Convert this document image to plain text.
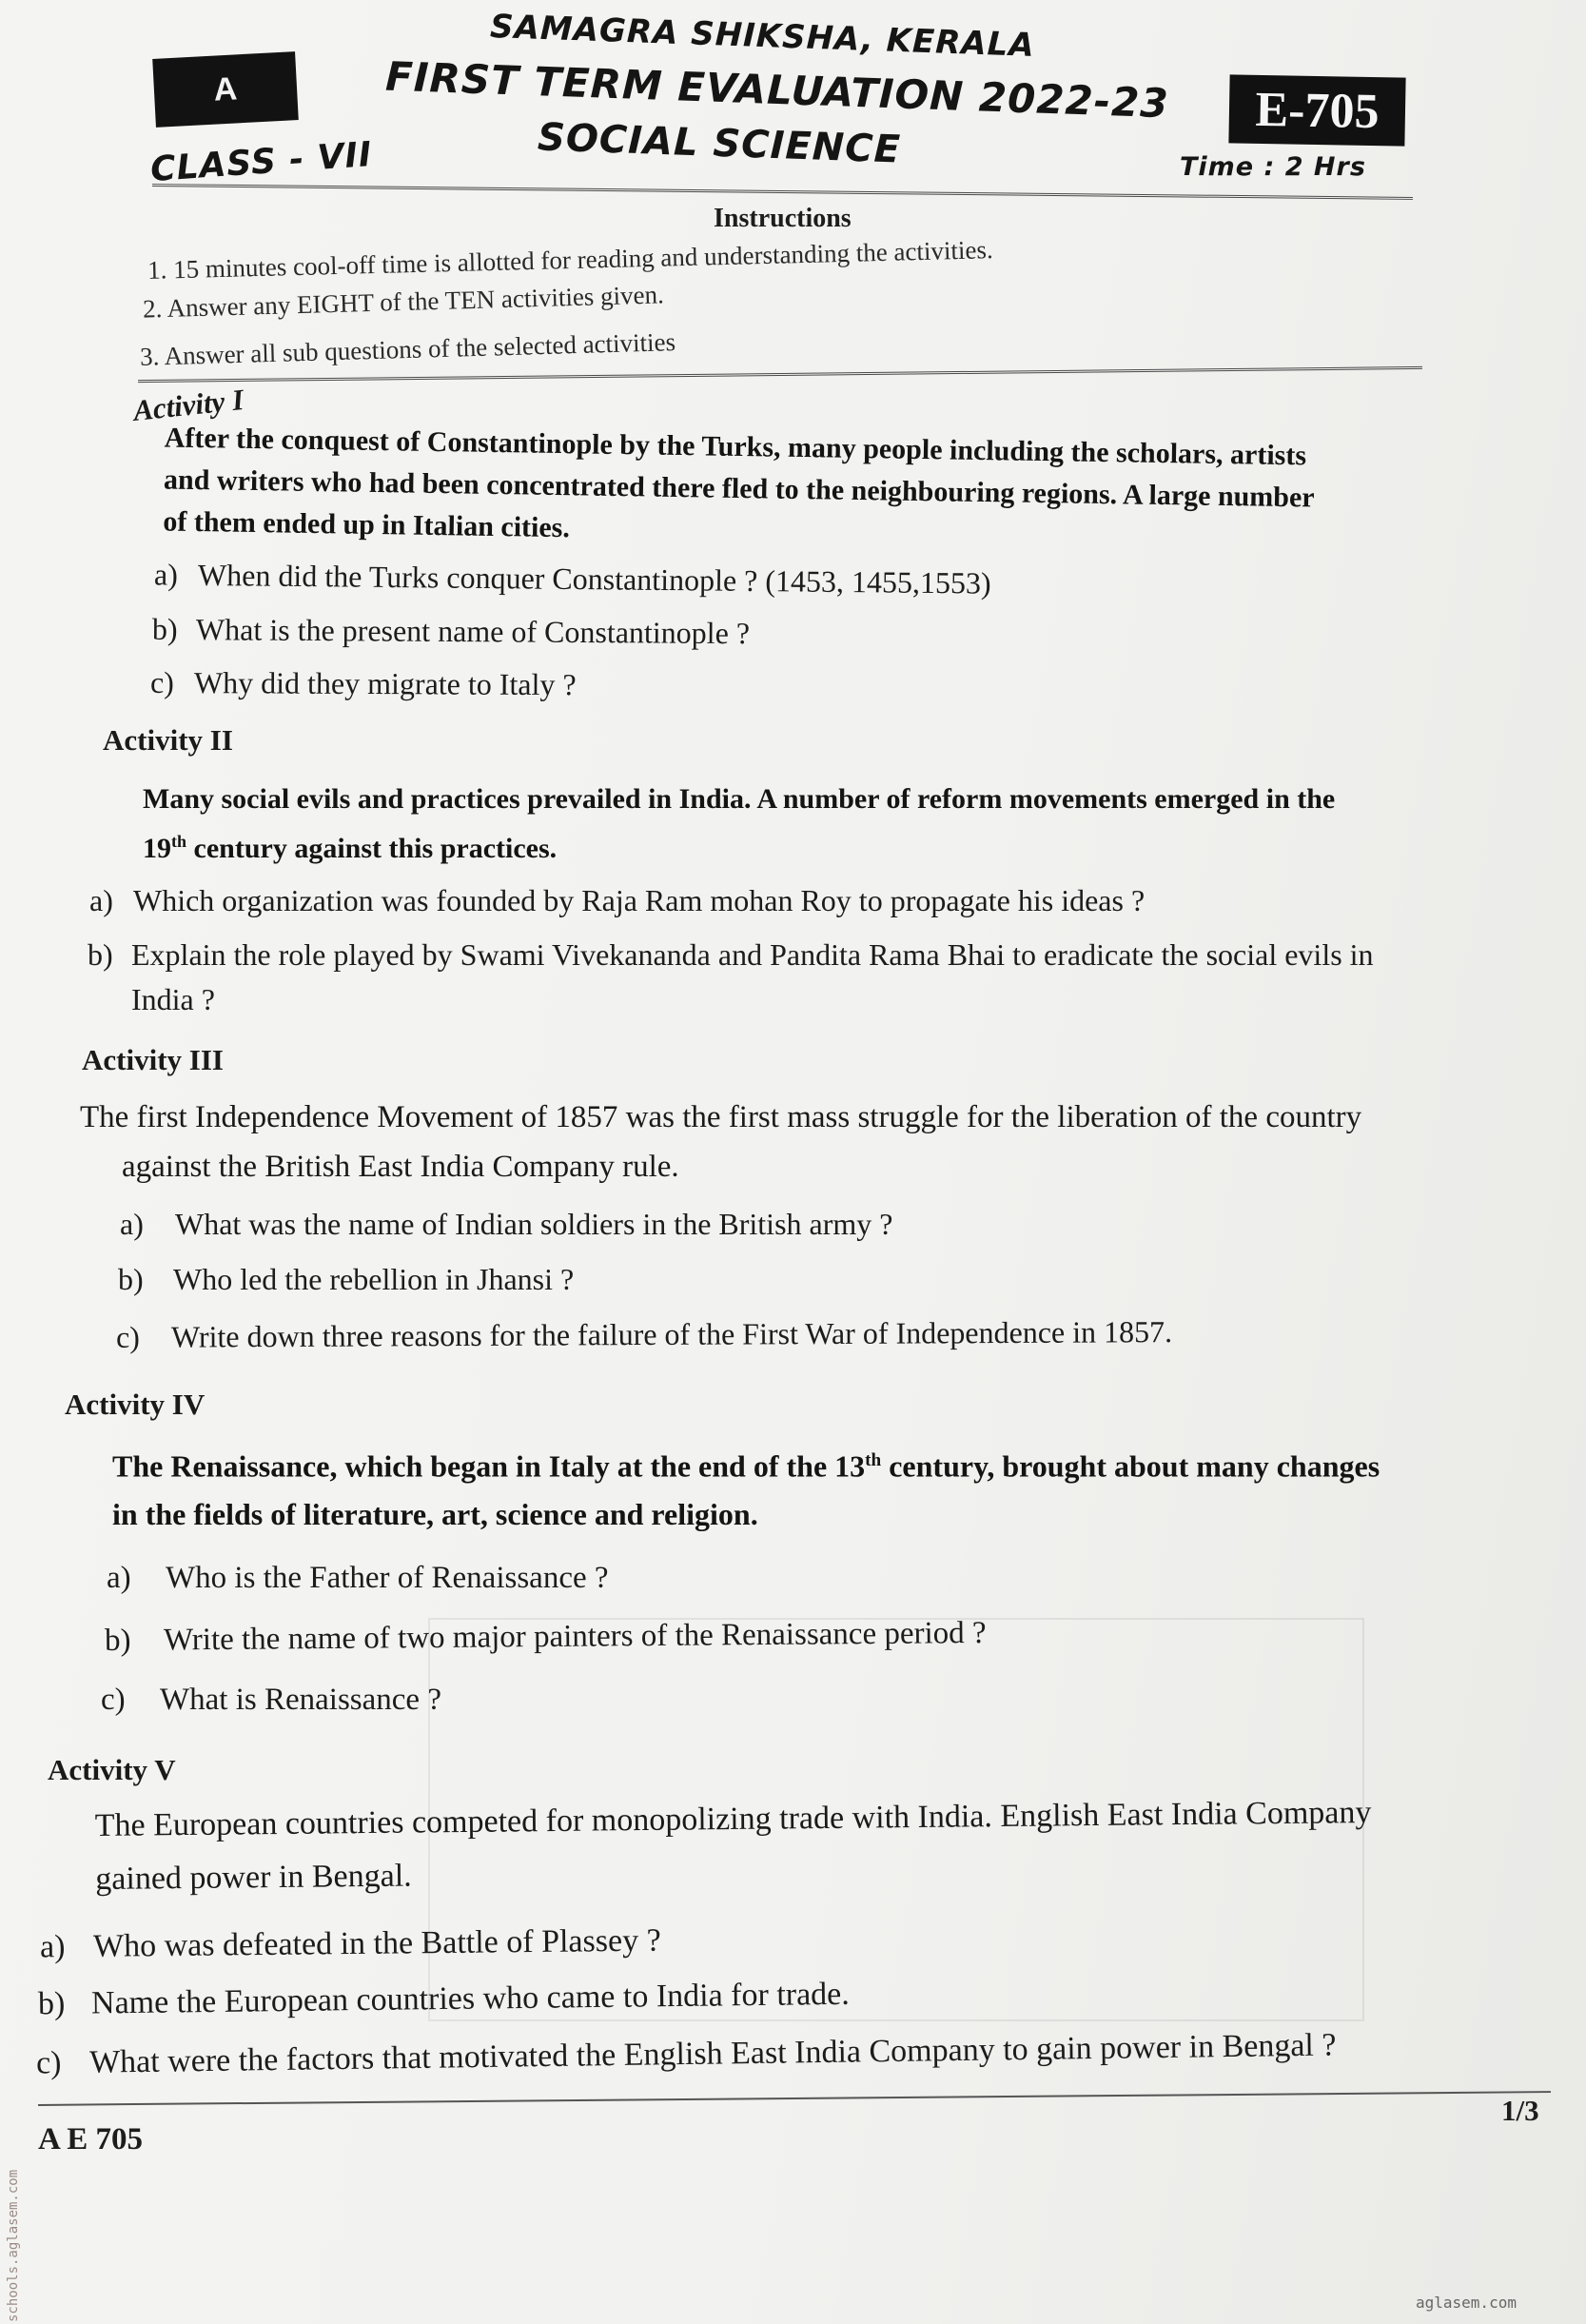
A
SAMAGRA SHIKSHA, KERALA
FIRST TERM EVALUATION 2022-23 E-705
CLASS - VII	SOCIAL SCIENCE	Time : 2 Hrs
Instructions
1. 15 minutes cool-off time is allotted for reading and understanding the activities.
2. Answer any EIGHT of the TEN activities given.
3. Answer all sub questions of the selected activities
Activity I
After the conquest of Constantinople by the Turks, many people including the scholars, artists
and writers who had been concentrated there fled to the neighbouring regions. A large number
of them ended up in Italian cities.
a) When did the Turks conquer Constantinople ? (1453, 1455,1553)
b) What is the present name of Constantinople ?
c) Why did they migrate to Italy ?
Activity II
Many social evils and practices prevailed in India. A number of reform movements emerged in the
19th century against this practices.
a) Which organization was founded by Raja Ram mohan Roy to propagate his ideas ?
b) Explain the role played by Swami Vivekananda and Pandita Rama Bhai to eradicate the social evils in
India ?
Activity III
The first Independence Movement of 1857 was the first mass struggle for the liberation of the country
against the British East India Company rule.
a) What was the name of Indian soldiers in the British army ?
b) Who led the rebellion in Jhansi ?
c) Write down three reasons for the failure of the First War of Independence in 1857.
Activity IV
The Renaissance, which began in Italy at the end of the 13th century, brought about many changes
in the fields of literature, art, science and religion.
a) Who is the Father of Renaissance ?
b) Write the name of two major painters of the Renaissance period ?
c) What is Renaissance ?
Activity V
The European countries competed for monopolizing trade with India. English East India Company
gained power in Bengal.
a) Who was defeated in the Battle of Plassey ?
b) Name the European countries who came to India for trade.
c) What were the factors that motivated the English East India Company to gain power in Bengal ?
A E 705
1/3
schools.aglasem.com	aglasem.com
